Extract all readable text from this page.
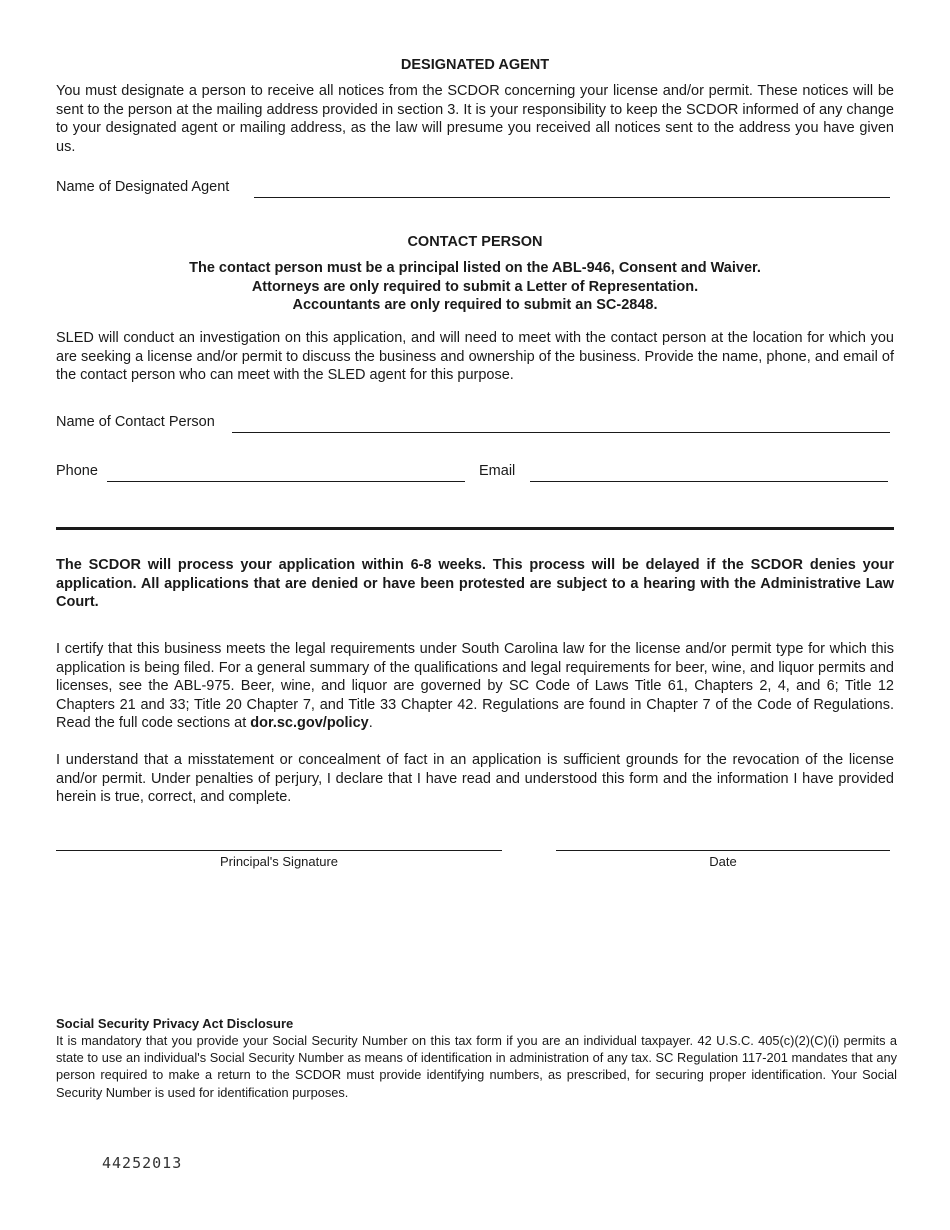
DESIGNATED AGENT
You must designate a person to receive all notices from the SCDOR concerning your license and/or permit. These notices will be sent to the person at the mailing address provided in section 3. It is your responsibility to keep the SCDOR informed of any change to your designated agent or mailing address, as the law will presume you received all notices sent to the address you have given us.
Name of Designated Agent
CONTACT PERSON
The contact person must be a principal listed on the ABL-946, Consent and Waiver.
Attorneys are only required to submit a Letter of Representation.
Accountants are only required to submit an SC-2848.
SLED will conduct an investigation on this application, and will need to meet with the contact person at the location for which you are seeking a license and/or permit to discuss the business and ownership of the business. Provide the name, phone, and email of the contact person who can meet with the SLED agent for this purpose.
Name of Contact Person
Phone	Email
The SCDOR will process your application within 6-8 weeks. This process will be delayed if the SCDOR denies your application. All applications that are denied or have been protested are subject to a hearing with the Administrative Law Court.
I certify that this business meets the legal requirements under South Carolina law for the license and/or permit type for which this application is being filed. For a general summary of the qualifications and legal requirements for beer, wine, and liquor permits and licenses, see the ABL-975. Beer, wine, and liquor are governed by SC Code of Laws Title 61, Chapters 2, 4, and 6; Title 12 Chapters 21 and 33; Title 20 Chapter 7, and Title 33 Chapter 42. Regulations are found in Chapter 7 of the Code of Regulations. Read the full code sections at dor.sc.gov/policy.
I understand that a misstatement or concealment of fact in an application is sufficient grounds for the revocation of the license and/or permit. Under penalties of perjury, I declare that I have read and understood this form and the information I have provided herein is true, correct, and complete.
Principal's Signature	Date
Social Security Privacy Act Disclosure
It is mandatory that you provide your Social Security Number on this tax form if you are an individual taxpayer. 42 U.S.C. 405(c)(2)(C)(i) permits a state to use an individual's Social Security Number as means of identification in administration of any tax. SC Regulation 117-201 mandates that any person required to make a return to the SCDOR must provide identifying numbers, as prescribed, for securing proper identification. Your Social Security Number is used for identification purposes.
44252013
